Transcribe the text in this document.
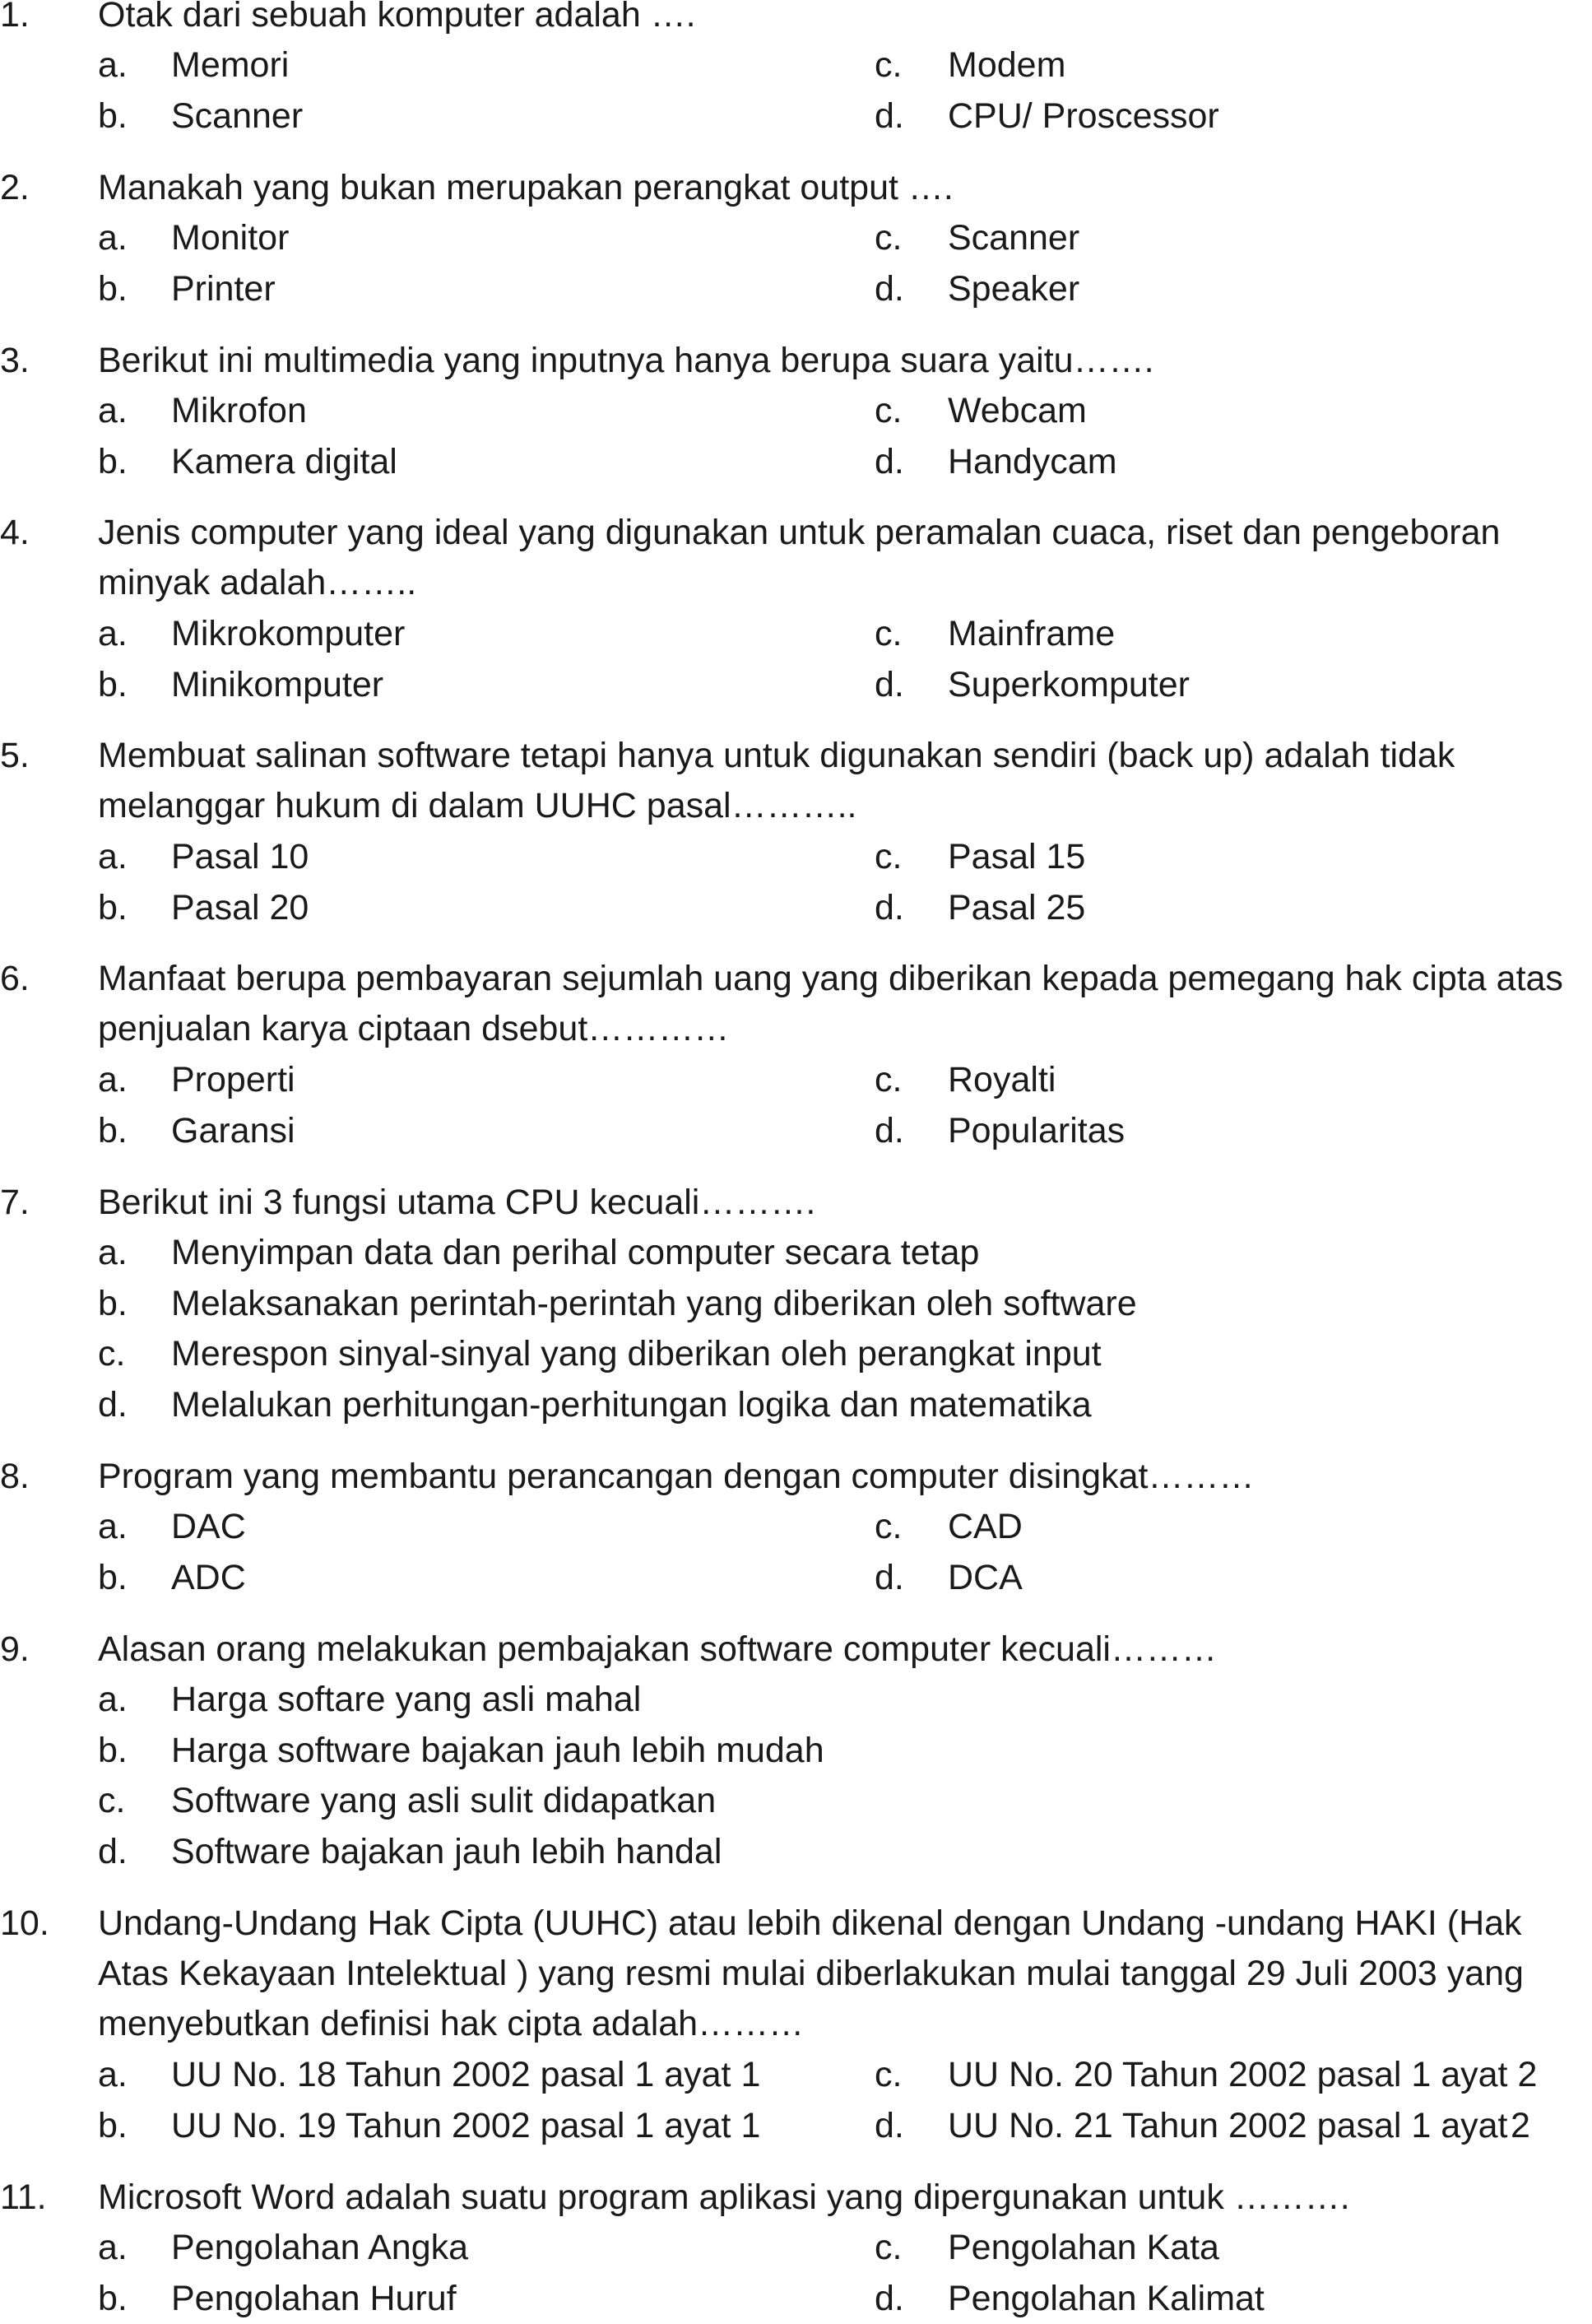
1. Otak dari sebuah komputer adalah ….
a. Memori
b. Scanner
c. Modem
d. CPU/ Proscessor
2. Manakah yang bukan merupakan perangkat output ….
a. Monitor
b. Printer
c. Scanner
d. Speaker
3. Berikut ini multimedia yang inputnya hanya berupa suara yaitu…….
a. Mikrofon
b. Kamera digital
c. Webcam
d. Handycam
4. Jenis computer yang ideal yang digunakan untuk peramalan cuaca, riset dan pengeboran minyak adalah……..
a. Mikrokomputer
b. Minikomputer
c. Mainframe
d. Superkomputer
5. Membuat salinan software tetapi hanya untuk digunakan sendiri (back up) adalah tidak melanggar hukum di dalam UUHC pasal………..
a. Pasal 10
b. Pasal 20
c. Pasal 15
d. Pasal 25
6. Manfaat berupa pembayaran sejumlah uang yang diberikan kepada pemegang hak cipta atas penjualan karya ciptaan dsebut…………
a. Properti
b. Garansi
c. Royalti
d. Popularitas
7. Berikut ini 3 fungsi utama CPU kecuali……….
a. Menyimpan data dan perihal computer secara tetap
b. Melaksanakan perintah-perintah yang diberikan oleh software
c. Merespon sinyal-sinyal yang diberikan oleh perangkat input
d. Melalukan perhitungan-perhitungan logika dan matematika
8. Program yang membantu perancangan dengan computer disingkat………
a. DAC
b. ADC
c. CAD
d. DCA
9. Alasan orang melakukan pembajakan software computer kecuali………
a. Harga softare yang asli mahal
b. Harga software bajakan jauh lebih mudah
c. Software yang asli sulit didapatkan
d. Software bajakan jauh lebih handal
10. Undang-Undang Hak Cipta (UUHC) atau lebih dikenal dengan Undang -undang HAKI (Hak Atas Kekayaan Intelektual ) yang resmi mulai diberlakukan mulai tanggal 29 Juli 2003 yang menyebutkan definisi hak cipta adalah………
a. UU No. 18 Tahun 2002 pasal 1 ayat 1
b. UU No. 19 Tahun 2002 pasal 1 ayat 1
c. UU No. 20 Tahun 2002 pasal 1 ayat 2
d. UU No. 21 Tahun 2002 pasal 1 ayat 2
11. Microsoft Word adalah suatu program aplikasi yang dipergunakan untuk ……….
a. Pengolahan Angka
b. Pengolahan Huruf
c. Pengolahan Kata
d. Pengolahan Kalimat
